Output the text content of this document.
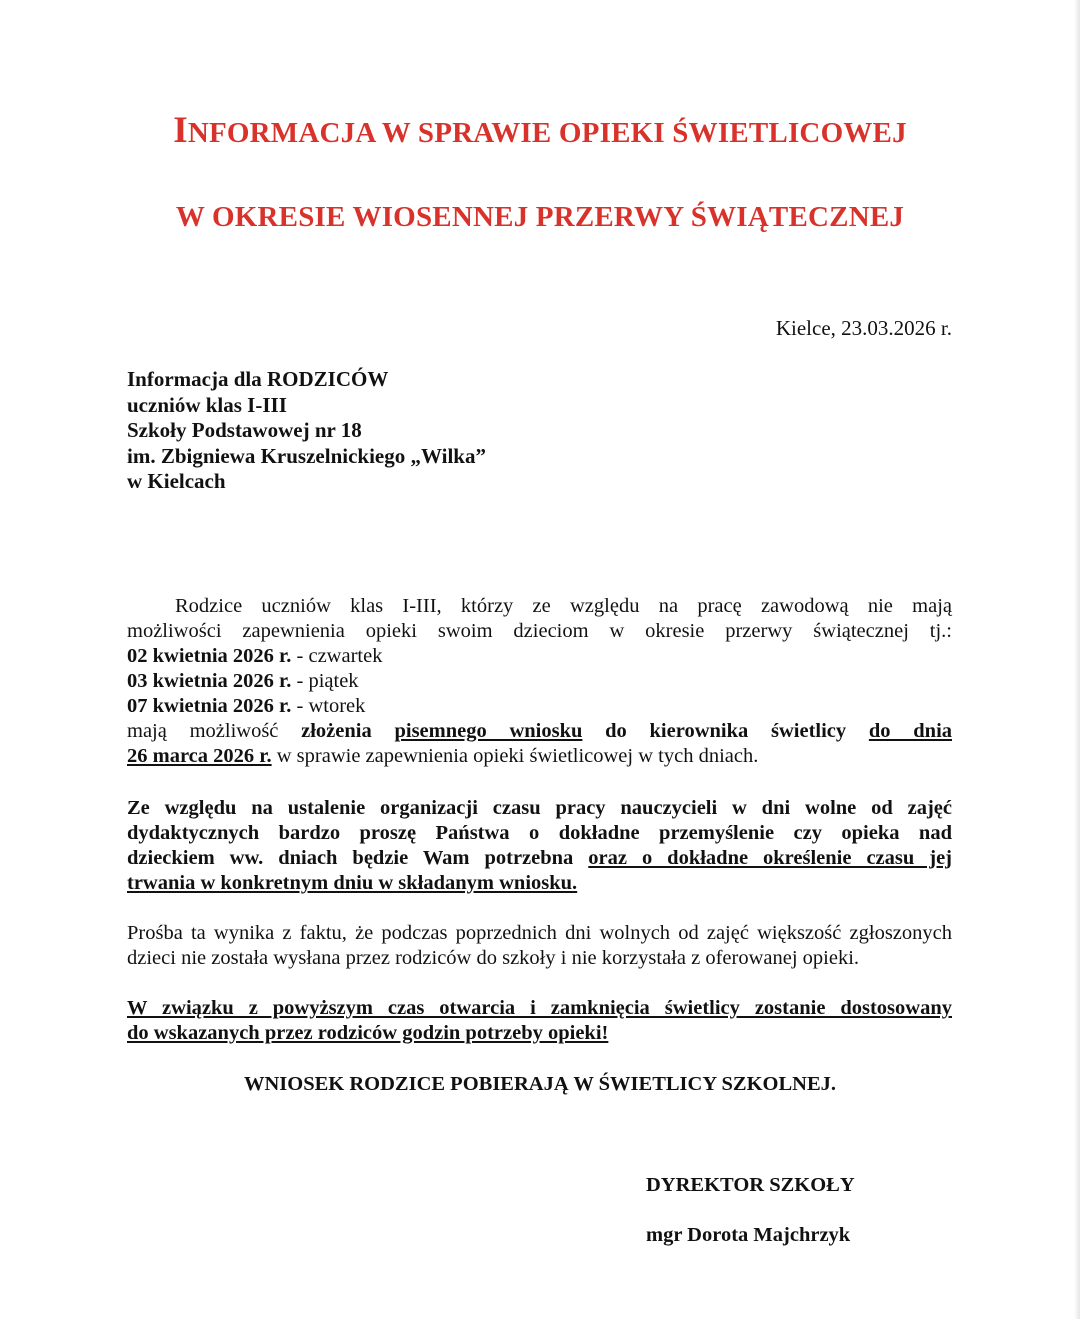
INFORMACJA W SPRAWIE OPIEKI ŚWIETLICOWEJ
W OKRESIE WIOSENNEJ PRZERWY ŚWIĄTECZNEJ
Kielce, 23.03.2026 r.
Informacja dla RODZICÓW
uczniów klas I-III
Szkoły Podstawowej nr 18
im. Zbigniewa Kruszelnickiego „Wilka”
w Kielcach
Rodzice uczniów klas I-III, którzy ze względu na pracę zawodową nie mają
możliwości zapewnienia opieki swoim dzieciom w okresie przerwy świątecznej tj.:
02 kwietnia 2026 r. - czwartek
03 kwietnia 2026 r. - piątek
07 kwietnia 2026 r. - wtorek
mają możliwość złożenia pisemnego wniosku do kierownika świetlicy do dnia
26 marca 2026 r. w sprawie zapewnienia opieki świetlicowej w tych dniach.
Ze względu na ustalenie organizacji czasu pracy nauczycieli w dni wolne od zajęć
dydaktycznych bardzo proszę Państwa o dokładne przemyślenie czy opieka nad
dzieckiem ww. dniach będzie Wam potrzebna oraz o dokładne określenie czasu jej
trwania w konkretnym dniu w składanym wniosku.
Prośba ta wynika z faktu, że podczas poprzednich dni wolnych od zajęć większość zgłoszonych
dzieci nie została wysłana przez rodziców do szkoły i nie korzystała z oferowanej opieki.
W związku z powyższym czas otwarcia i zamknięcia świetlicy zostanie dostosowany
do wskazanych przez rodziców godzin potrzeby opieki!
WNIOSEK RODZICE POBIERAJĄ W ŚWIETLICY SZKOLNEJ.
DYREKTOR SZKOŁY
mgr Dorota Majchrzyk
